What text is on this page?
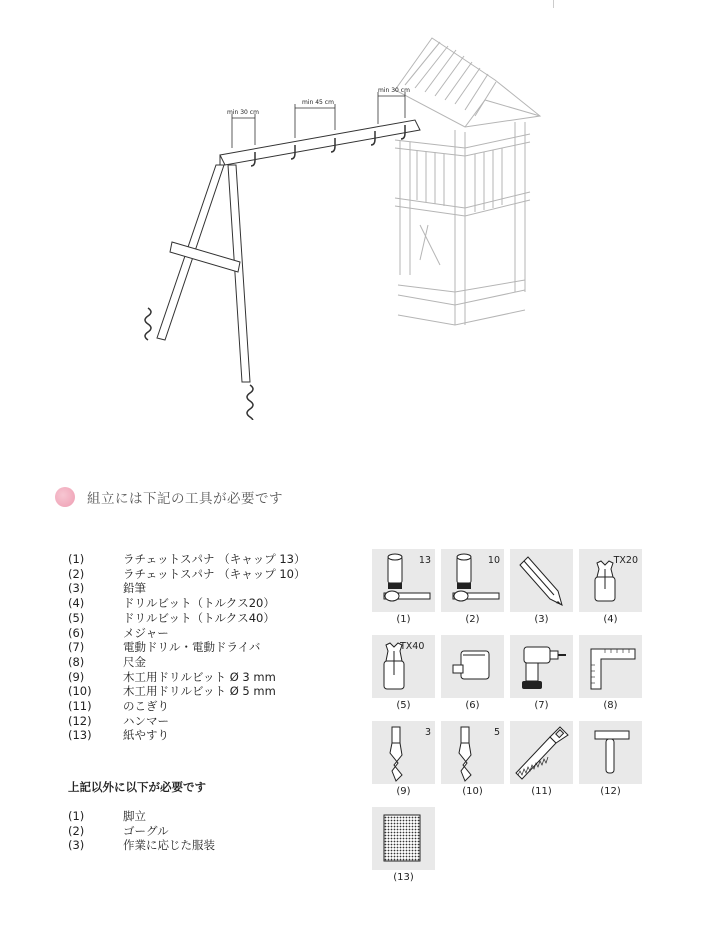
min 30 cm
min 45 cm
min 30 cm
組立には下記の工具が必要です
(1)	ラチェットスパナ （キャップ 13）
(2)	ラチェットスパナ （キャップ 10）
(3)	鉛筆
(4)	ドリルビット（トルクス20）
(5)	ドリルビット（トルクス40）
(6)	メジャー
(7)	電動ドリル・電動ドライバ
(8)	尺金
(9)	木工用ドリルビット Ø 3 mm
(10)	木工用ドリルビット Ø 5 mm
(11)	のこぎり
(12)	ハンマー
(13)	紙やすり
上記以外に以下が必要です
(1)	脚立
(2)	ゴーグル
(3)	作業に応じた服装
13
(1)
10
(2)	(3)
TX20
(4)
TX40
(5)	(6)	(7)	(8)
3
(9)
5
(10)	(11)	(12)
(13)
